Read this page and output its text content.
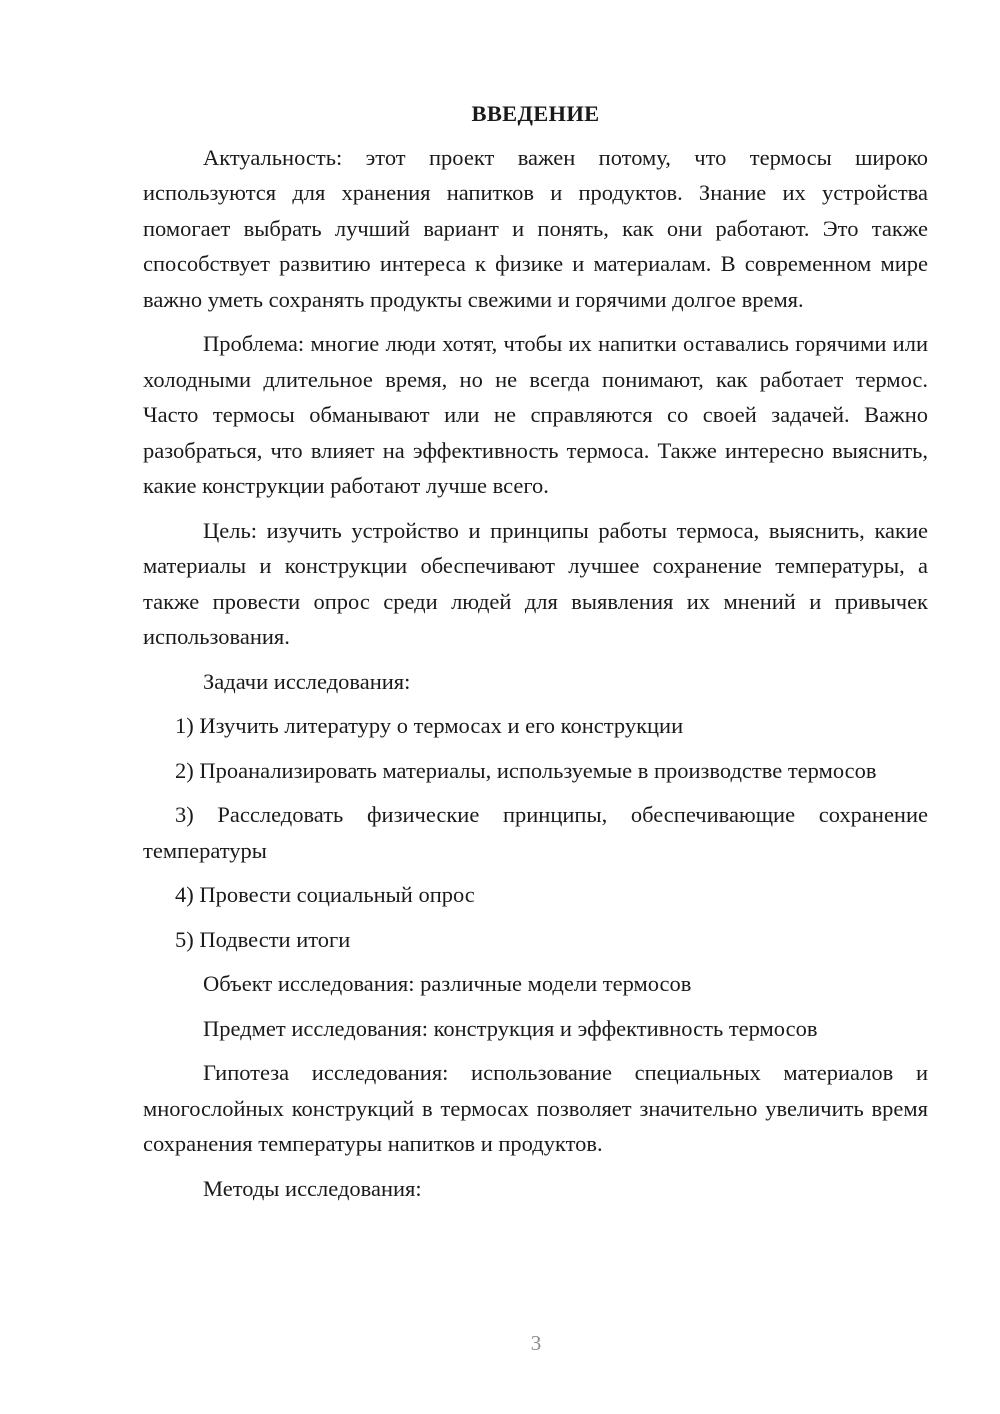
ВВЕДЕНИЕ

Актуальность: этот проект важен потому, что термосы широко используются для хранения напитков и продуктов. Знание их устройства помогает выбрать лучший вариант и понять, как они работают. Это также способствует развитию интереса к физике и материалам. В современном мире важно уметь сохранять продукты свежими и горячими долгое время.

Проблема: многие люди хотят, чтобы их напитки оставались горячими или холодными длительное время, но не всегда понимают, как работает термос. Часто термосы обманывают или не справляются со своей задачей. Важно разобраться, что влияет на эффективность термоса. Также интересно выяснить, какие конструкции работают лучше всего.

Цель: изучить устройство и принципы работы термоса, выяснить, какие материалы и конструкции обеспечивают лучшее сохранение температуры, а также провести опрос среди людей для выявления их мнений и привычек использования.

Задачи исследования:

1) Изучить литературу о термосах и его конструкции

2) Проанализировать материалы, используемые в производстве термосов

3) Расследовать физические принципы, обеспечивающие сохранение температуры

4) Провести социальный опрос

5) Подвести итоги

Объект исследования: различные модели термосов

Предмет исследования: конструкция и эффективность термосов

Гипотеза исследования: использование специальных материалов и многослойных конструкций в термосах позволяет значительно увеличить время сохранения температуры напитков и продуктов.

Методы исследования:

3
